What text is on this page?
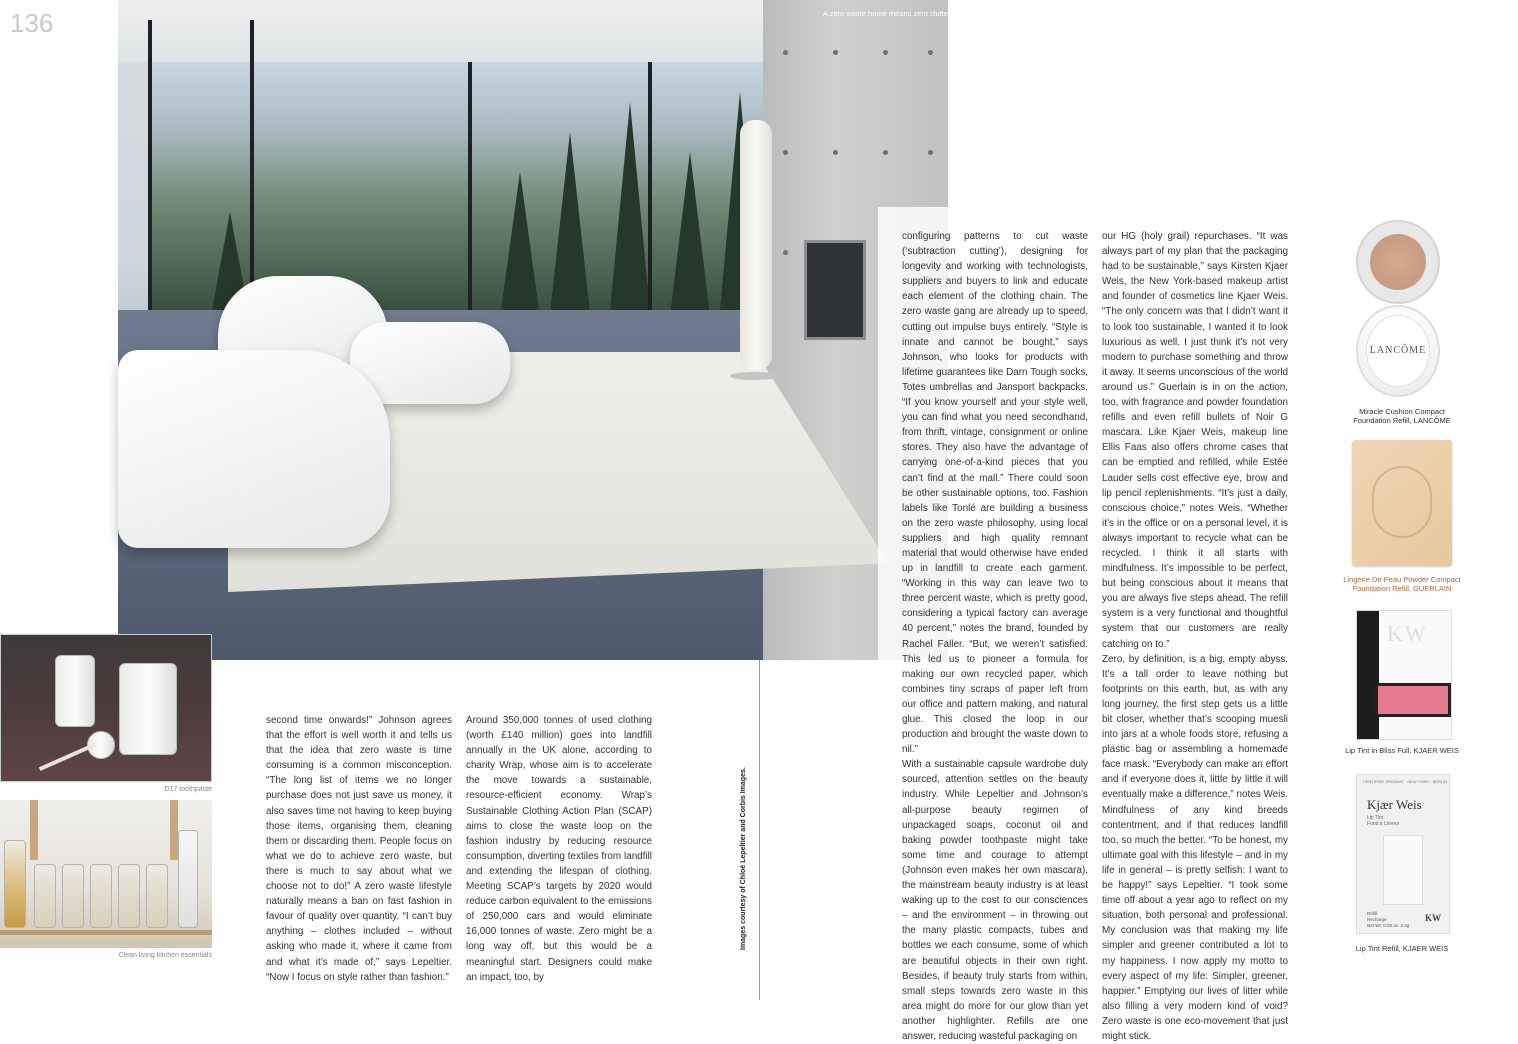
136	A zero waste home means zero clutter
D17 toothpaste
Clean living kitchen essentials

second time onwards!” Johnson agrees that the effort is well worth it and tells us that the idea that zero waste is time consuming is a common misconception. “The long list of items we no longer purchase does not just save us money, it also saves time not having to keep buying those items, organising them, cleaning them or discarding them. People focus on what we do to achieve zero waste, but there is much to say about what we choose not to do!” A zero waste lifestyle naturally means a ban on fast fashion in favour of quality over quantity. “I can’t buy anything – clothes included – without asking who made it, where it came from and what it’s made of,” says Lepeltier. “Now I focus on style rather than fashion.”

Around 350,000 tonnes of used clothing (worth £140 million) goes into landfill annually in the UK alone, according to charity Wrap, whose aim is to accelerate the move towards a sustainable, resource-efficient economy. Wrap’s Sustainable Clothing Action Plan (SCAP) aims to close the waste loop on the fashion industry by reducing resource consumption, diverting textiles from landfill and extending the lifespan of clothing. Meeting SCAP’s targets by 2020 would reduce carbon equivalent to the emissions of 250,000 cars and would eliminate 16,000 tonnes of waste. Zero might be a long way off, but this would be a meaningful start. Designers could make an impact, too, by

configuring patterns to cut waste (‘subtraction cutting’), designing for longevity and working with technologists, suppliers and buyers to link and educate each element of the clothing chain. The zero waste gang are already up to speed, cutting out impulse buys entirely. “Style is innate and cannot be bought,” says Johnson, who looks for products with lifetime guarantees like Darn Tough socks, Totes umbrellas and Jansport backpacks. “If you know yourself and your style well, you can find what you need secondhand, from thrift, vintage, consignment or online stores. They also have the advantage of carrying one-of-a-kind pieces that you can’t find at the mall.” There could soon be other sustainable options, too. Fashion labels like Tonlé are building a business on the zero waste philosophy, using local suppliers and high quality remnant material that would otherwise have ended up in landfill to create each garment. “Working in this way can leave two to three percent waste, which is pretty good, considering a typical factory can average 40 percent,” notes the brand, founded by Rachel Faller. “But, we weren’t satisfied. This led us to pioneer a formula for making our own recycled paper, which combines tiny scraps of paper left from our office and pattern making, and natural glue. This closed the loop in our production and brought the waste down to nil.”

With a sustainable capsule wardrobe duly sourced, attention settles on the beauty industry. While Lepeltier and Johnson’s all-purpose beauty regimen of unpackaged soaps, coconut oil and baking powder toothpaste might take some time and courage to attempt (Johnson even makes her own mascara), the mainstream beauty industry is at least waking up to the cost to our consciences – and the environment – in throwing out the many plastic compacts, tubes and bottles we each consume, some of which are beautiful objects in their own right. Besides, if beauty truly starts from within, small steps towards zero waste in this area might do more for our glow than yet another highlighter. Refills are one answer, reducing wasteful packaging on

our HG (holy grail) repurchases. “It was always part of my plan that the packaging had to be sustainable,” says Kirsten Kjaer Weis, the New York-based makeup artist and founder of cosmetics line Kjaer Weis. “The only concern was that I didn’t want it to look too sustainable, I wanted it to look luxurious as well. I just think it’s not very modern to purchase something and throw it away. It seems unconscious of the world around us.” Guerlain is in on the action, too, with fragrance and powder foundation refills and even refill bullets of Noir G mascara. Like Kjaer Weis, makeup line Ellis Faas also offers chrome cases that can be emptied and refilled, while Estée Lauder sells cost effective eye, brow and lip pencil replenishments. “It’s just a daily, conscious choice,” notes Weis. “Whether it’s in the office or on a personal level, it is always important to recycle what can be recycled. I think it all starts with mindfulness. It’s impossible to be perfect, but being conscious about it means that you are always five steps ahead. The refill system is a very functional and thoughtful system that our customers are really catching on to.”

Zero, by definition, is a big, empty abyss. It’s a tall order to leave nothing but footprints on this earth, but, as with any long journey, the first step gets us a little bit closer, whether that’s scooping muesli into jars at a whole foods store, refusing a plastic bag or assembling a homemade face mask. “Everybody can make an effort and if everyone does it, little by little it will eventually make a difference,” notes Weis. Mindfulness of any kind breeds contentment, and if that reduces landfill too, so much the better. “To be honest, my ultimate goal with this lifestyle – and in my life in general – is pretty selfish: I want to be happy!” says Lepeltier. “I took some time off about a year ago to reflect on my situation, both personal and professional. My conclusion was that making my life simpler and greener contributed a lot to my happiness. I now apply my motto to every aspect of my life: Simpler, greener, happier.” Emptying our lives of litter while also filling a very modern kind of void? Zero waste is one eco-movement that just might stick.

Images courtesy of Chloé Lepeltier and Corbis Images.
LANCÔME
Miracle Cushion Compact
Foundation Refill, LANCÔME
Lingerie De Peau Powder Compact
Foundation Refill, GUERLAIN
KW
Lip Tint in Bliss Full, KJAER WEIS
CERTIFIED ORGANIC · NEW YORK · BERLIN
Kjær Weis
Lip Tint
Fond à Lèvres
Refill
Recharge
Net Wt. 0.08 oz. 2.3g
KW
Lip Tint Refill, KJAER WEIS
